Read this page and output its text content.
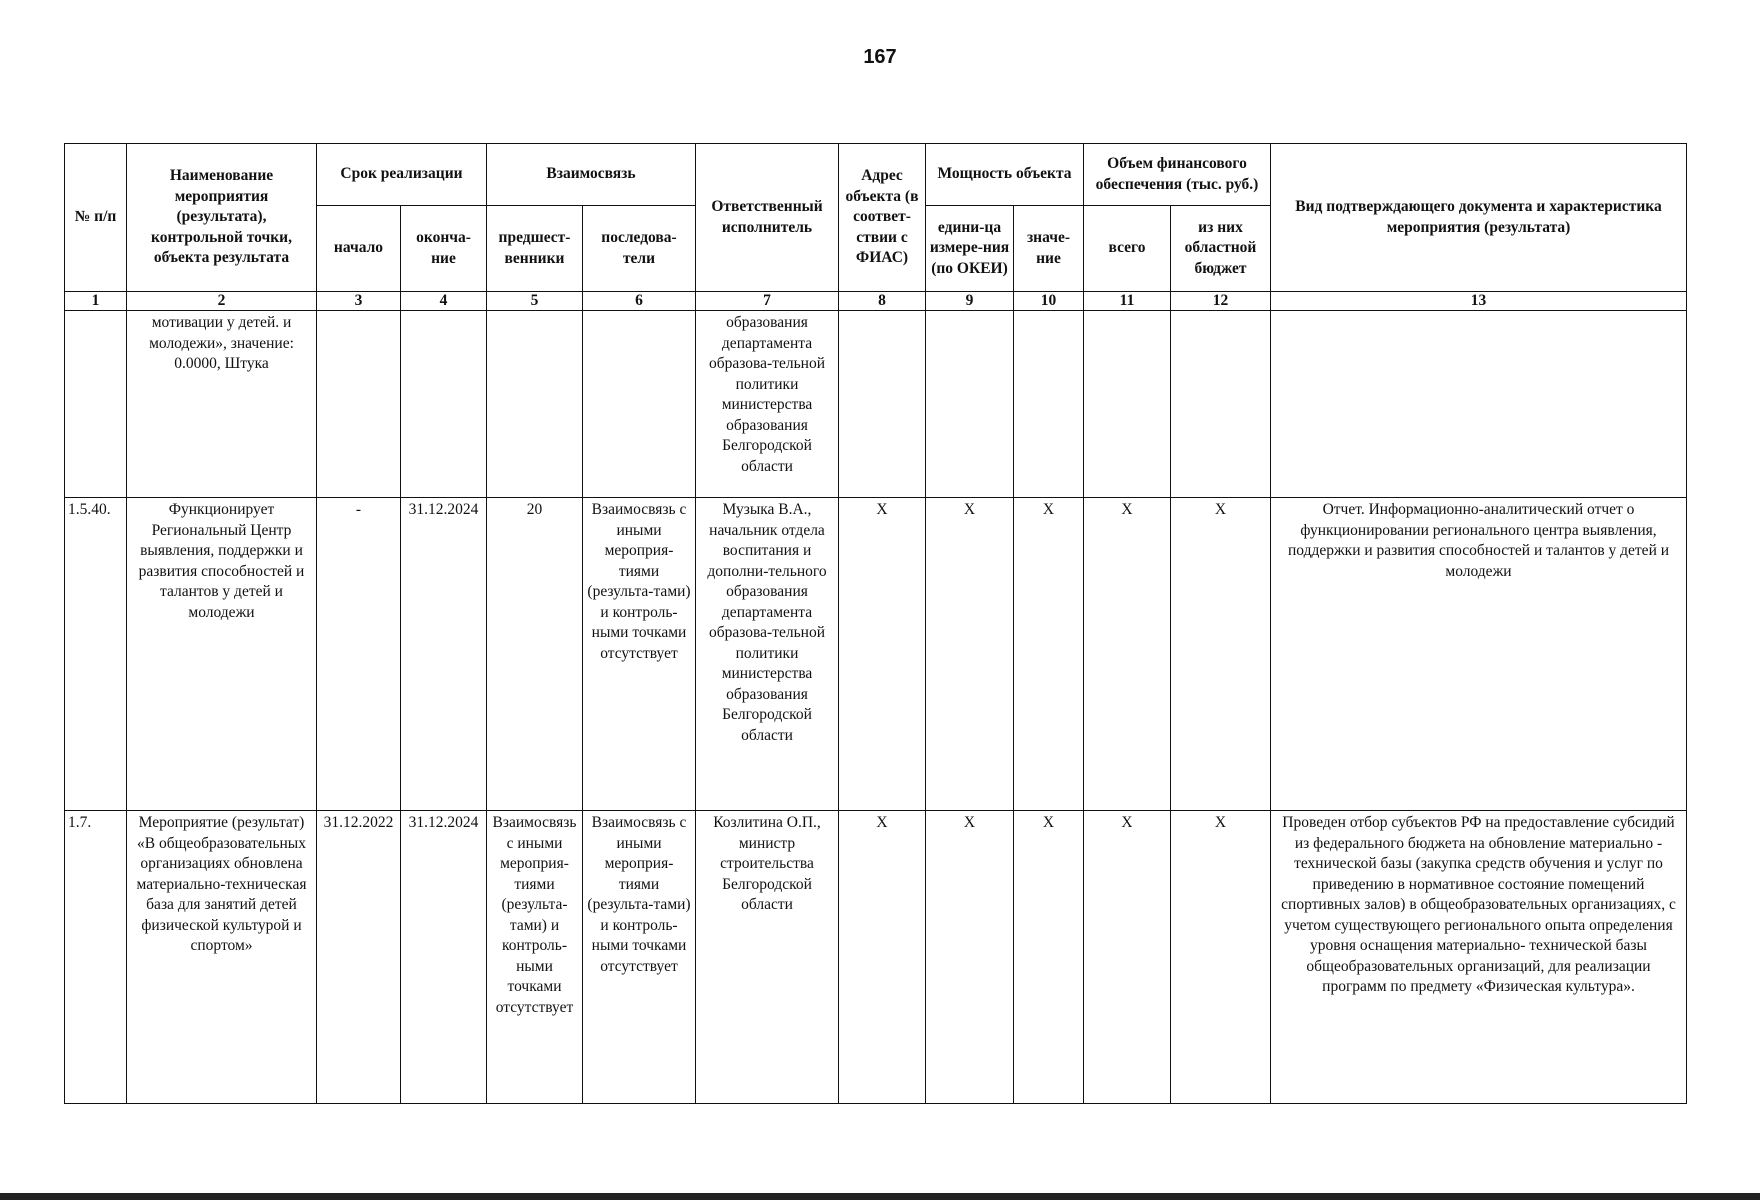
167
№ п/п	Наименование мероприятия (результата), контрольной точки, объекта результата	Срок реализации		Взаимосвязь		Ответственный исполнитель	Адрес объекта (в соответ-ствии с ФИАС)	Мощность объекта		Объем финансового обеспечения (тыс. руб.)		Вид подтверждающего документа и характеристика мероприятия (результата)
		начало	оконча-ние	предшест-венники	последова-тели			едини-ца измере-ния (по ОКЕИ)	значе-ние	всего	из них областной бюджет	
1	2	3	4	5	6	7	8	9	10	11	12	13
	мотивации у детей. и молодежи», значение: 0.0000, Штука					образования департамента образова-тельной политики министерства образования Белгородской области						
1.5.40.	Функционирует Региональный Центр выявления, поддержки и развития способностей и талантов у детей и молодежи	-	31.12.2024	20	Взаимосвязь с иными мероприя-тиями (результа-тами) и контроль-ными точками отсутствует	Музыка В.А., начальник отдела воспитания и дополни-тельного образования департамента образова-тельной политики министерства образования Белгородской области	X	X	X	X	X	Отчет. Информационно-аналитический отчет о функционировании регионального центра выявления, поддержки и развития способностей и талантов у детей и молодежи
1.7.	Мероприятие (результат) «В общеобразовательных организациях обновлена материально-техническая база для занятий детей физической культурой и спортом»	31.12.2022	31.12.2024	Взаимосвязь с иными мероприя-тиями (результа-тами) и контроль-ными точками отсутствует	Взаимосвязь с иными мероприя-тиями (результа-тами) и контроль-ными точками отсутствует	Козлитина О.П., министр строительства Белгородской области	X	X	X	X	X	Проведен отбор субъектов РФ на предоставление субсидий из федерального бюджета на обновление материально - технической базы (закупка средств обучения и услуг по приведению в нормативное состояние помещений спортивных залов) в общеобразовательных организациях, с учетом существующего регионального опыта определения уровня оснащения материально- технической базы общеобразовательных организаций, для реализации программ по предмету «Физическая культура».
